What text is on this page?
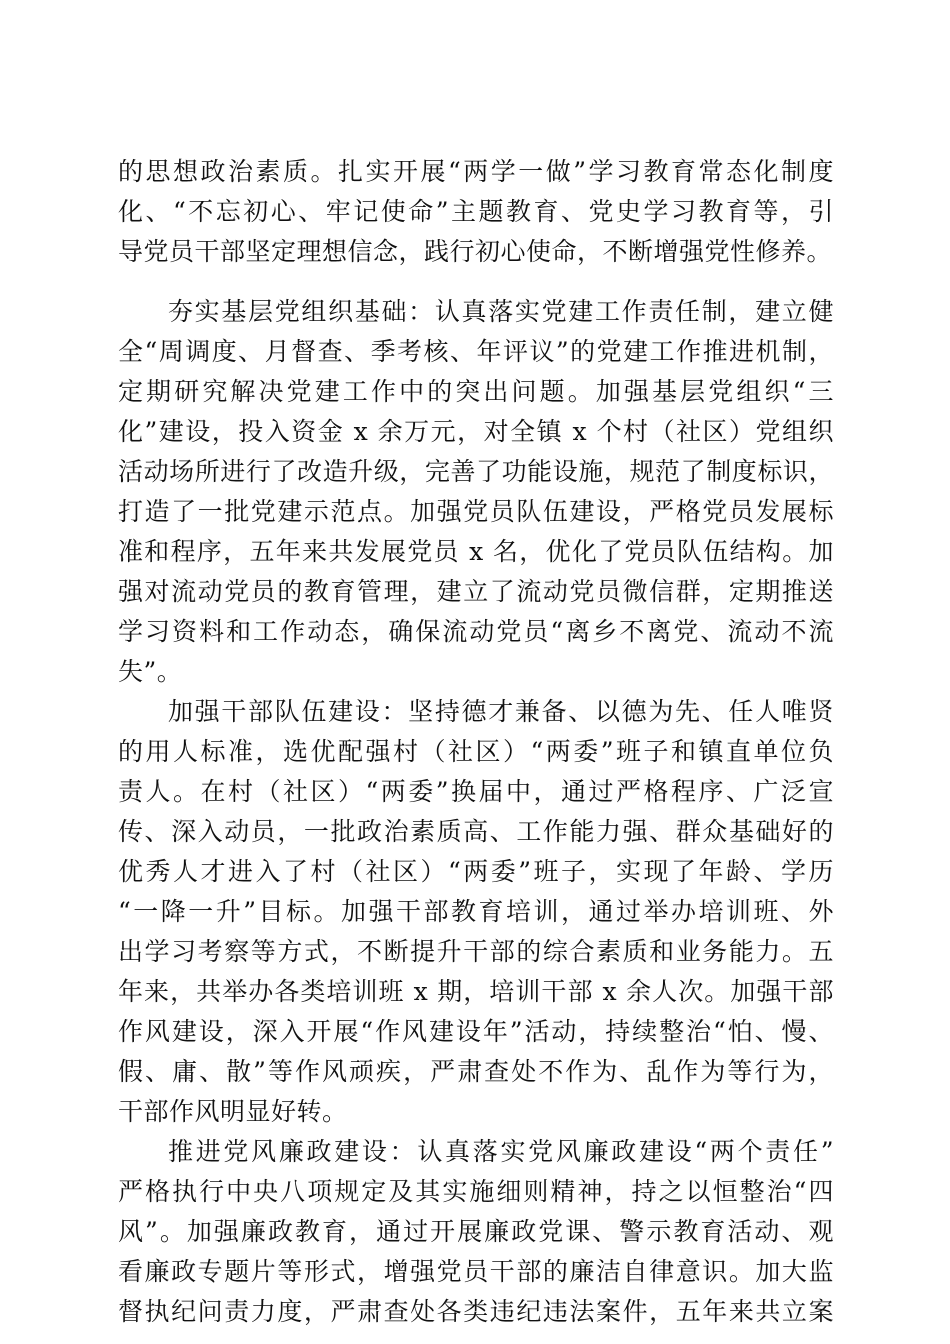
的思想政治素质。扎实开展“两学一做”学习教育常态化制度
化、“不忘初心、牢记使命”主题教育、党史学习教育等，引
导党员干部坚定理想信念，践行初心使命，不断增强党性修养。
夯实基层党组织基础：认真落实党建工作责任制，建立健
全“周调度、月督查、季考核、年评议”的党建工作推进机制，
定期研究解决党建工作中的突出问题。加强基层党组织“三
化”建设，投入资金 x 余万元，对全镇 x 个村（社区）党组织
活动场所进行了改造升级，完善了功能设施，规范了制度标识，
打造了一批党建示范点。加强党员队伍建设，严格党员发展标
准和程序，五年来共发展党员 x 名，优化了党员队伍结构。加
强对流动党员的教育管理，建立了流动党员微信群，定期推送
学习资料和工作动态，确保流动党员“离乡不离党、流动不流
失”。
加强干部队伍建设：坚持德才兼备、以德为先、任人唯贤
的用人标准，选优配强村（社区）“两委”班子和镇直单位负
责人。在村（社区）“两委”换届中，通过严格程序、广泛宣
传、深入动员，一批政治素质高、工作能力强、群众基础好的
优秀人才进入了村（社区）“两委”班子，实现了年龄、学历
“一降一升”目标。加强干部教育培训，通过举办培训班、外
出学习考察等方式，不断提升干部的综合素质和业务能力。五
年来，共举办各类培训班 x 期，培训干部 x 余人次。加强干部
作风建设，深入开展“作风建设年”活动，持续整治“怕、慢、
假、庸、散”等作风顽疾，严肃查处不作为、乱作为等行为，
干部作风明显好转。
推进党风廉政建设：认真落实党风廉政建设“两个责任”
严格执行中央八项规定及其实施细则精神，持之以恒整治“四
风”。加强廉政教育，通过开展廉政党课、警示教育活动、观
看廉政专题片等形式，增强党员干部的廉洁自律意识。加大监
督执纪问责力度，严肃查处各类违纪违法案件，五年来共立案
